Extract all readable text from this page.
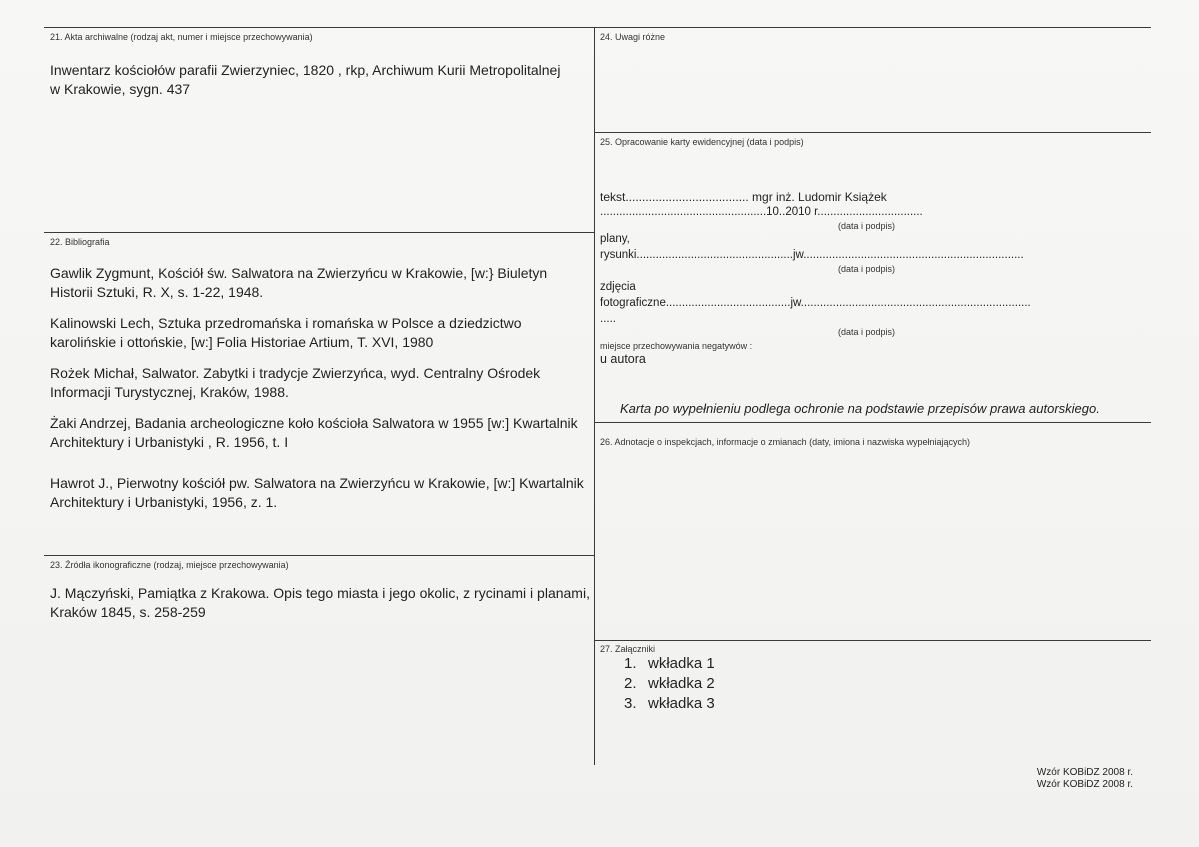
21. Akta archiwalne (rodzaj akt, numer i miejsce przechowywania)
Inwentarz kościołów parafii Zwierzyniec, 1820 , rkp, Archiwum Kurii Metropolitalnej w Krakowie, sygn. 437
22. Bibliografia
Gawlik Zygmunt, Kościół św. Salwatora na Zwierzyńcu w Krakowie, [w:} Biuletyn Historii Sztuki, R. X, s. 1-22, 1948.
Kalinowski Lech, Sztuka przedromańska i romańska w Polsce a dziedzictwo karolińskie i ottońskie, [w:] Folia Historiae Artium, T. XVI, 1980
Rożek Michał, Salwator. Zabytki i tradycje Zwierzyńca, wyd. Centralny Ośrodek Informacji Turystycznej, Kraków, 1988.
Żaki Andrzej, Badania archeologiczne koło kościoła Salwatora w 1955 [w:] Kwartalnik Architektury i Urbanistyki , R. 1956, t. I
Hawrot J., Pierwotny kościół pw. Salwatora na Zwierzyńcu w Krakowie, [w:] Kwartalnik Architektury i Urbanistyki, 1956, z. 1.
23. Źródła ikonograficzne (rodzaj, miejsce przechowywania)
J. Mączyński, Pamiątka z Krakowa. Opis tego miasta i jego okolic, z rycinami i planami, Kraków 1845, s. 258-259
24. Uwagi różne
25. Opracowanie karty ewidencyjnej (data i podpis)
tekst..................................... mgr inż. Ludomir Książek
....................................................10..2010 r.................................
(data i podpis)
plany,
rysunki.................................................jw.....................................................................
(data i podpis)
zdjęcia
fotograficzne.......................................jw........................................................................
.....
(data i podpis)
miejsce przechowywania negatywów :
u autora
Karta po wypełnieniu podlega ochronie na podstawie przepisów prawa autorskiego.
26. Adnotacje o inspekcjach, informacje o zmianach (daty, imiona i nazwiska wypełniających)
27. Załączniki
1. wkładka 1
2. wkładka 2
3. wkładka 3
Wzór KOBiDZ 2008 r.
Wzór KOBiDZ 2008 r.
